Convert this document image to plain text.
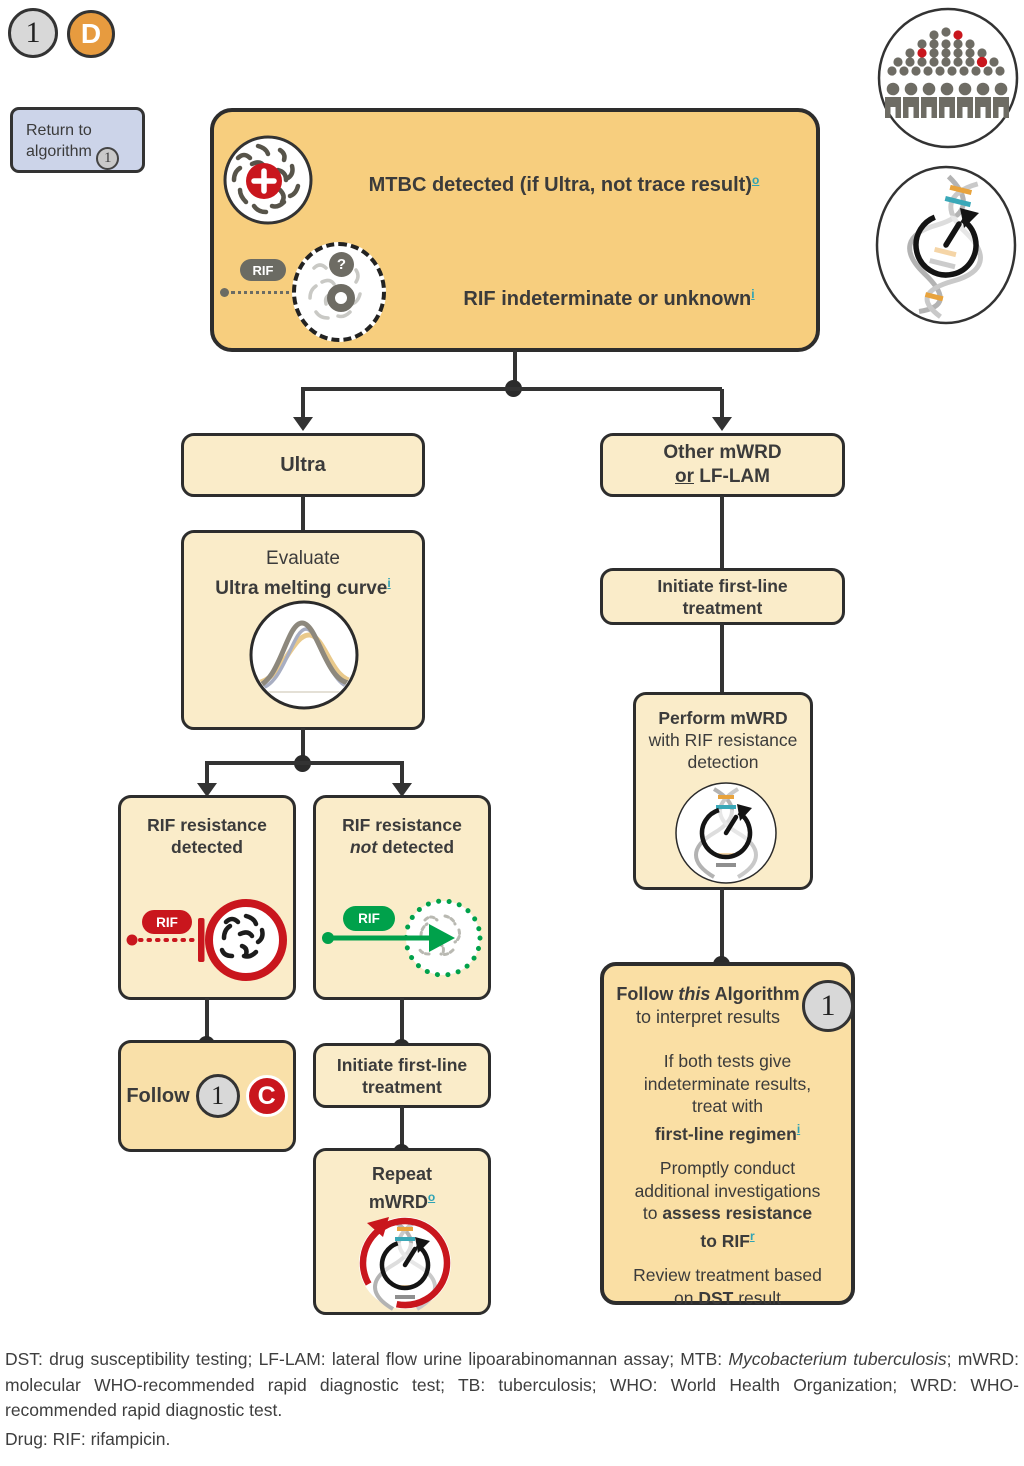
1 D
Return to
algorithm 1
MTBC detected (if Ultra, not trace result)$^o$
RIF	?
RIF indeterminate or unknown$^i$
Ultra
Other mWRD
or LF-LAM
Evaluate
Ultra melting curve$^i$
RIF resistance
detected
RIF
RIF resistance
not detected
RIF
Follow 1 C
Initiate first-line
treatment
Repeat
mWRD$^o$
Initiate first-line
treatment
Perform mWRD
with RIF resistance
detection
1
Follow this Algorithm
to interpret results

If both tests give
indeterminate results,
treat with
first-line regimen$^i$

Promptly conduct
additional investigations
to assess resistance
to RIF$^r$

Review treatment based
on DST result

DST: drug susceptibility testing; LF-LAM: lateral flow urine lipoarabinomannan assay; MTB: Mycobacterium tuberculosis; mWRD: molecular WHO-recommended rapid diagnostic test; TB: tuberculosis; WHO: World Health Organization; WRD: WHO-recommended rapid diagnostic test.
Drug: RIF: rifampicin.
